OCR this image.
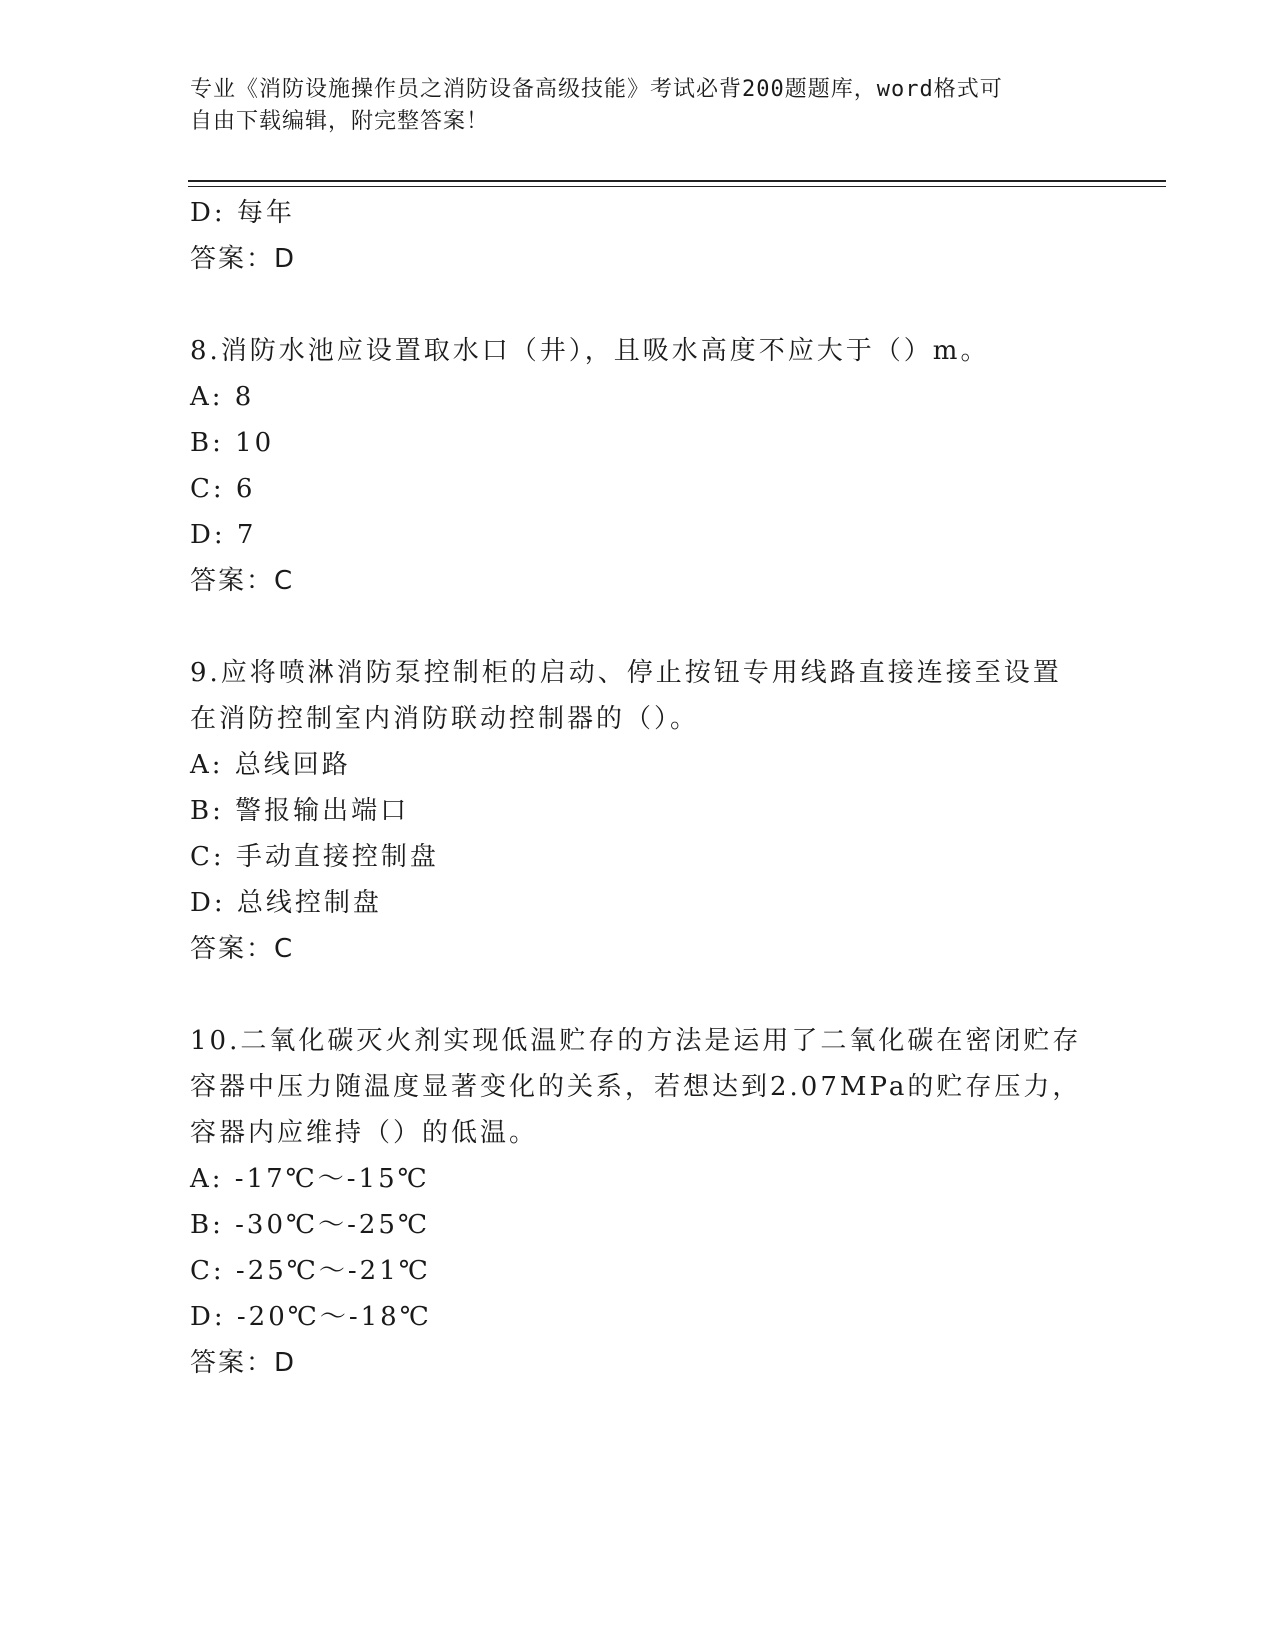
专业《消防设施操作员之消防设备高级技能》考试必背200题题库，word格式可
自由下载编辑，附完整答案！
D: 每年
答案：D
8.消防水池应设置取水口（井），且吸水高度不应大于（）m。
A: 8
B: 10
C: 6
D: 7
答案：C
9.应将喷淋消防泵控制柜的启动、停止按钮专用线路直接连接至设置
在消防控制室内消防联动控制器的（）。
A: 总线回路
B: 警报输出端口
C: 手动直接控制盘
D: 总线控制盘
答案：C
10.二氧化碳灭火剂实现低温贮存的方法是运用了二氧化碳在密闭贮存
容器中压力随温度显著变化的关系，若想达到2.07MPa的贮存压力，
容器内应维持（）的低温。
A: -17℃～-15℃
B: -30℃～-25℃
C: -25℃～-21℃
D: -20℃～-18℃
答案：D
